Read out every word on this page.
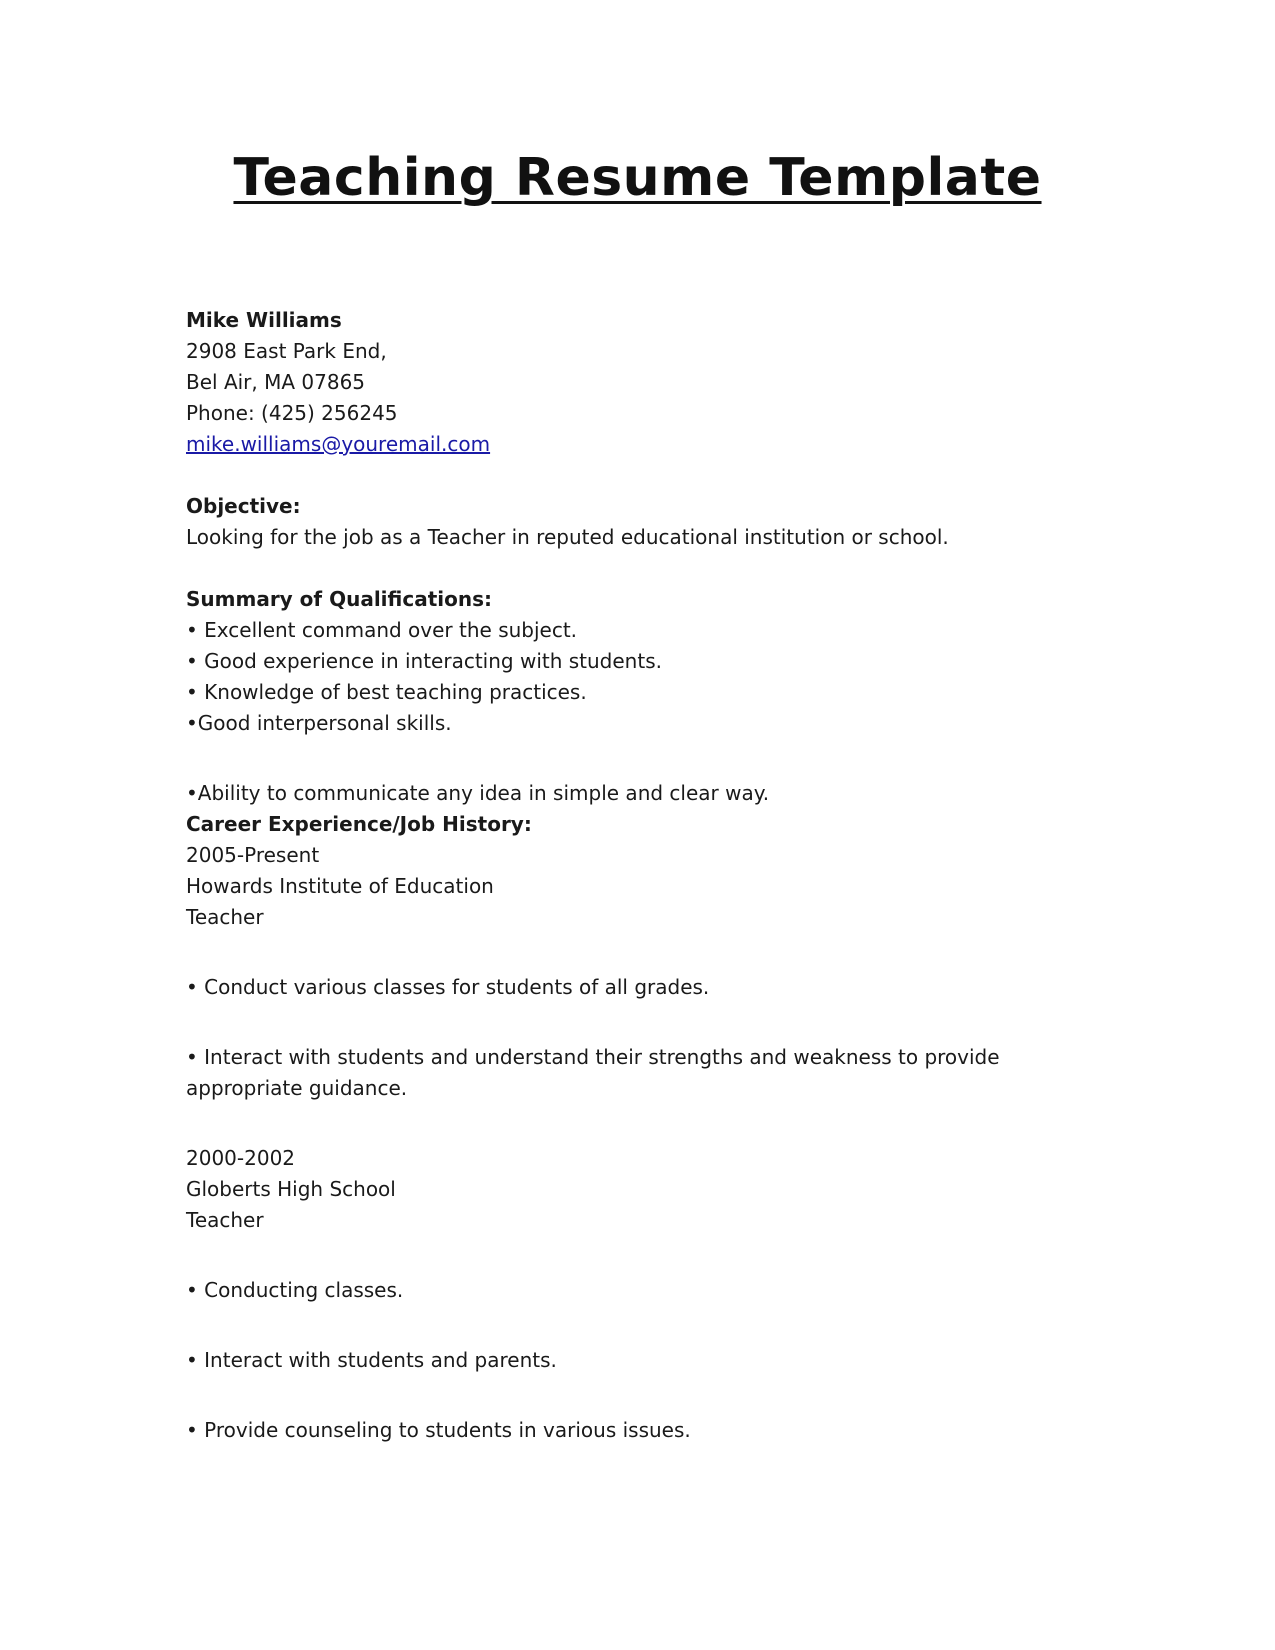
Teaching Resume Template
Mike Williams
2908 East Park End,
Bel Air, MA 07865
Phone: (425) 256245
mike.williams@youremail.com
Objective:
Looking for the job as a Teacher in reputed educational institution or school.
Summary of Qualifications:
• Excellent command over the subject.
• Good experience in interacting with students.
• Knowledge of best teaching practices.
•Good interpersonal skills.
•Ability to communicate any idea in simple and clear way.
Career Experience/Job History:
2005-Present
Howards Institute of Education
Teacher
• Conduct various classes for students of all grades.
• Interact with students and understand their strengths and weakness to provide
appropriate guidance.
2000-2002
Globerts High School
Teacher
• Conducting classes.
• Interact with students and parents.
• Provide counseling to students in various issues.
